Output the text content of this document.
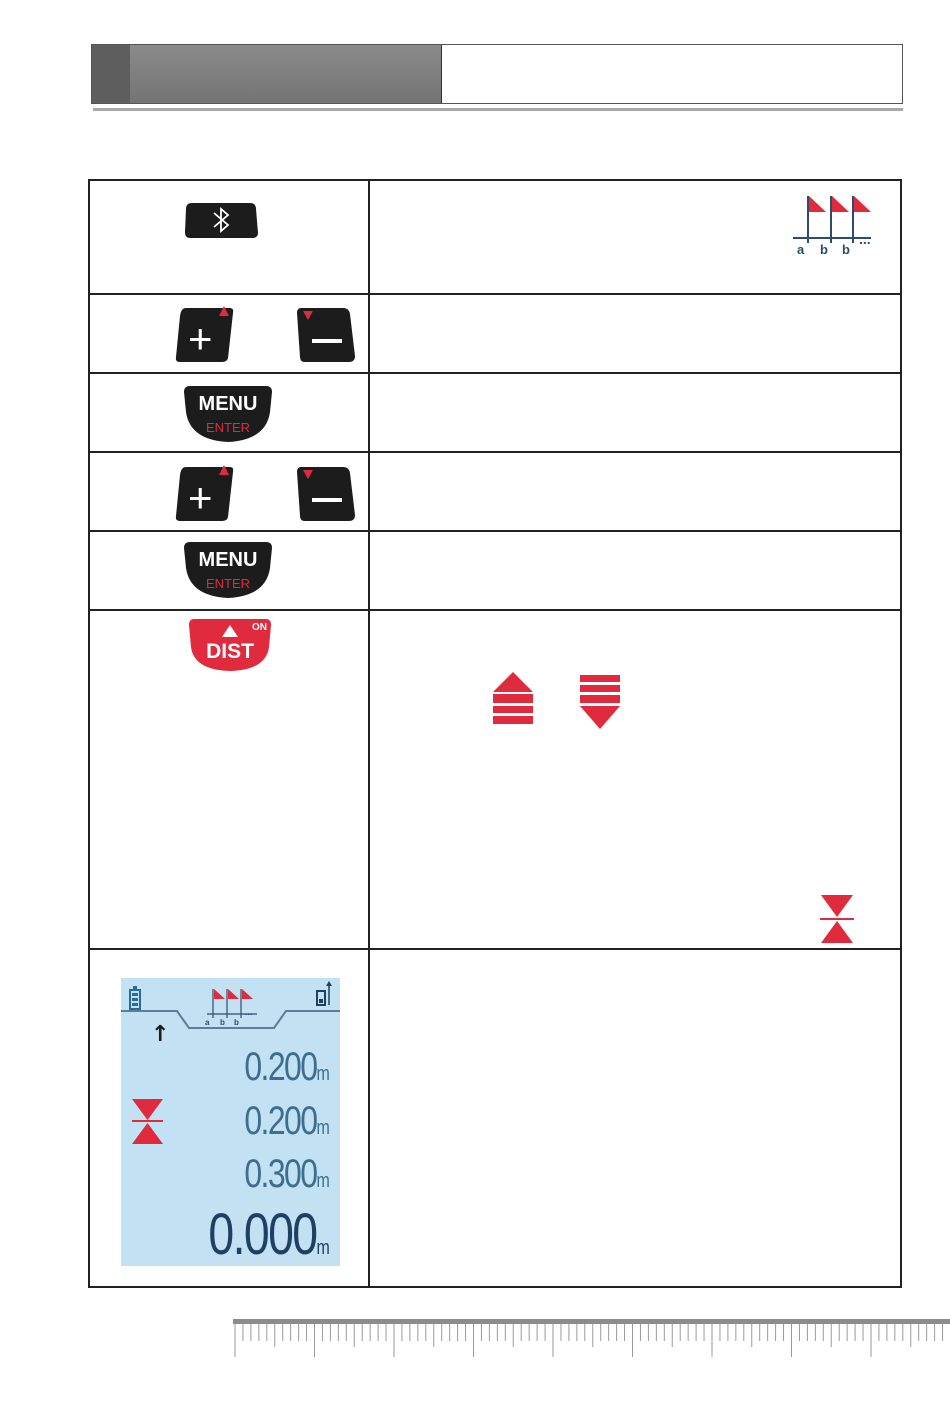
a b b
...
+
MENU
ENTER
+
MENU
ENTER
ON
DIST
a b b
...
↑
0.200m
0.200m
0.300m
0.000m
